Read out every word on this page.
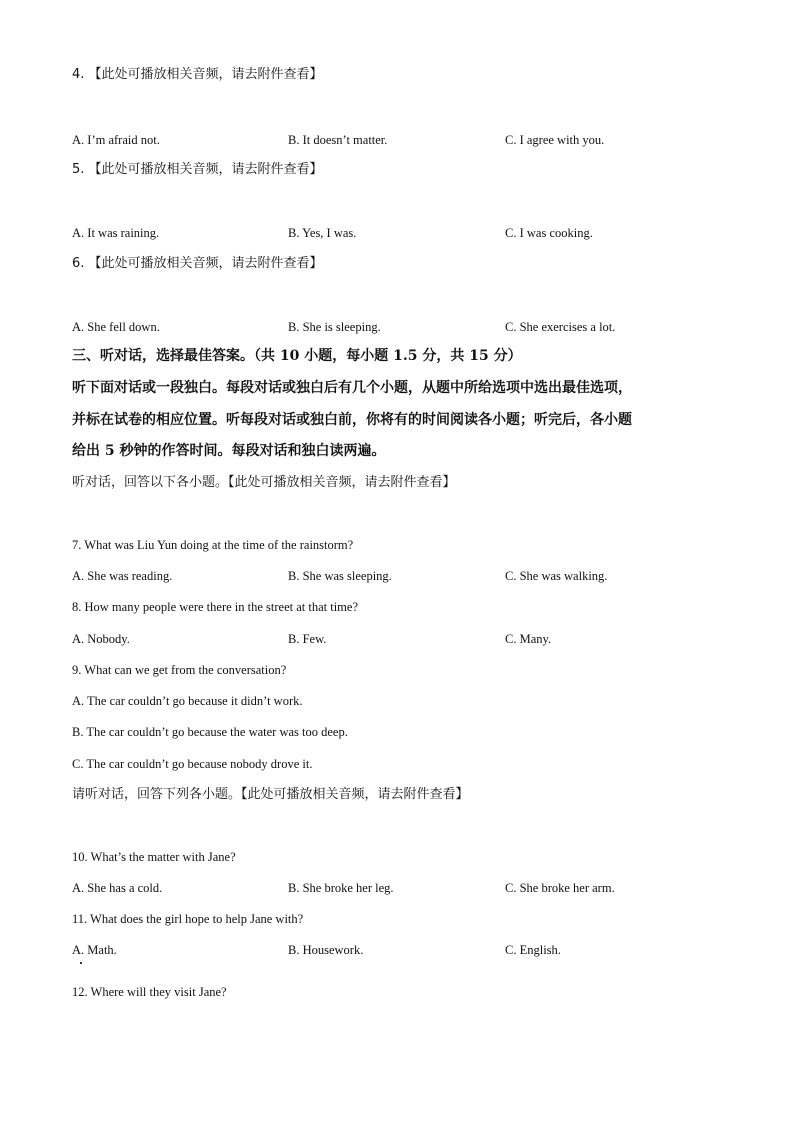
4. 【此处可播放相关音频，请去附件查看】
A. I’m afraid not.	B. It doesn’t matter.	C. I agree with you.
5. 【此处可播放相关音频，请去附件查看】
A. It was raining.	B. Yes, I was.	C. I was cooking.
6. 【此处可播放相关音频，请去附件查看】
A. She fell down.	B. She is sleeping.	C. She exercises a lot.
三、听对话，选择最佳答案。（共 10 小题，每小题 1.5 分，共 15 分）
听下面对话或一段独白。每段对话或独白后有几个小题，从题中所给选项中选出最佳选项，
并标在试卷的相应位置。听每段对话或独白前，你将有的时间阅读各小题；听完后，各小题
给出 5 秒钟的作答时间。每段对话和独白读两遍。
听对话，回答以下各小题。【此处可播放相关音频，请去附件查看】
7. What was Liu Yun doing at the time of the rainstorm?
A. She was reading.	B. She was sleeping.	C. She was walking.
8. How many people were there in the street at that time?
A. Nobody.	B. Few.	C. Many.
9. What can we get from the conversation?
A. The car couldn’t go because it didn’t work.
B. The car couldn’t go because the water was too deep.
C. The car couldn’t go because nobody drove it.
请听对话，回答下列各小题。【此处可播放相关音频，请去附件查看】
10. What’s the matter with Jane?
A. She has a cold.	B. She broke her leg.	C. She broke her arm.
11. What does the girl hope to help Jane with?
A. Math.	B. Housework.	C. English.
12. Where will they visit Jane?
